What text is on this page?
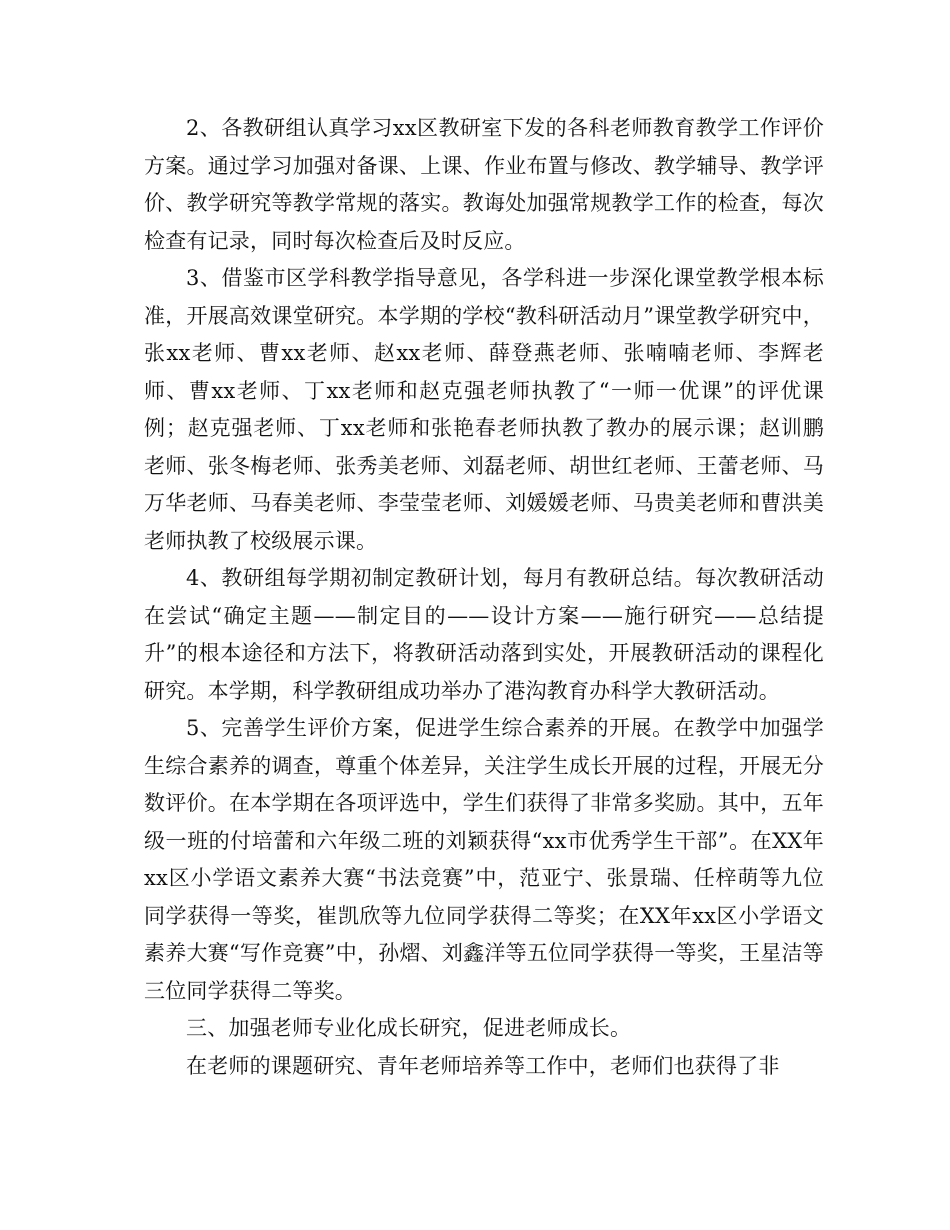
2、各教研组认真学习xx区教研室下发的各科老师教育教学工作评价方案。通过学习加强对备课、上课、作业布置与修改、教学辅导、教学评价、教学研究等教学常规的落实。教诲处加强常规教学工作的检查，每次检查有记录，同时每次检查后及时反应。

3、借鉴市区学科教学指导意见，各学科进一步深化课堂教学根本标准，开展高效课堂研究。本学期的学校“教科研活动月”课堂教学研究中，张xx老师、曹xx老师、赵xx老师、薛登燕老师、张喃喃老师、李辉老师、曹xx老师、丁xx老师和赵克强老师执教了“一师一优课”的评优课例；赵克强老师、丁xx老师和张艳春老师执教了教办的展示课；赵训鹏老师、张冬梅老师、张秀美老师、刘磊老师、胡世红老师、王蕾老师、马万华老师、马春美老师、李莹莹老师、刘媛媛老师、马贵美老师和曹洪美老师执教了校级展示课。

4、教研组每学期初制定教研计划，每月有教研总结。每次教研活动在尝试“确定主题——制定目的——设计方案——施行研究——总结提升”的根本途径和方法下，将教研活动落到实处，开展教研活动的课程化研究。本学期，科学教研组成功举办了港沟教育办科学大教研活动。

5、完善学生评价方案，促进学生综合素养的开展。在教学中加强学生综合素养的调查，尊重个体差异，关注学生成长开展的过程，开展无分数评价。在本学期在各项评选中，学生们获得了非常多奖励。其中，五年级一班的付培蕾和六年级二班的刘颖获得“xx市优秀学生干部”。在XX年xx区小学语文素养大赛“书法竞赛”中，范亚宁、张景瑞、任梓萌等九位同学获得一等奖，崔凯欣等九位同学获得二等奖；在XX年xx区小学语文素养大赛“写作竞赛”中，孙熠、刘鑫洋等五位同学获得一等奖，王星洁等三位同学获得二等奖。

三、加强老师专业化成长研究，促进老师成长。

在老师的课题研究、青年老师培养等工作中，老师们也获得了非
